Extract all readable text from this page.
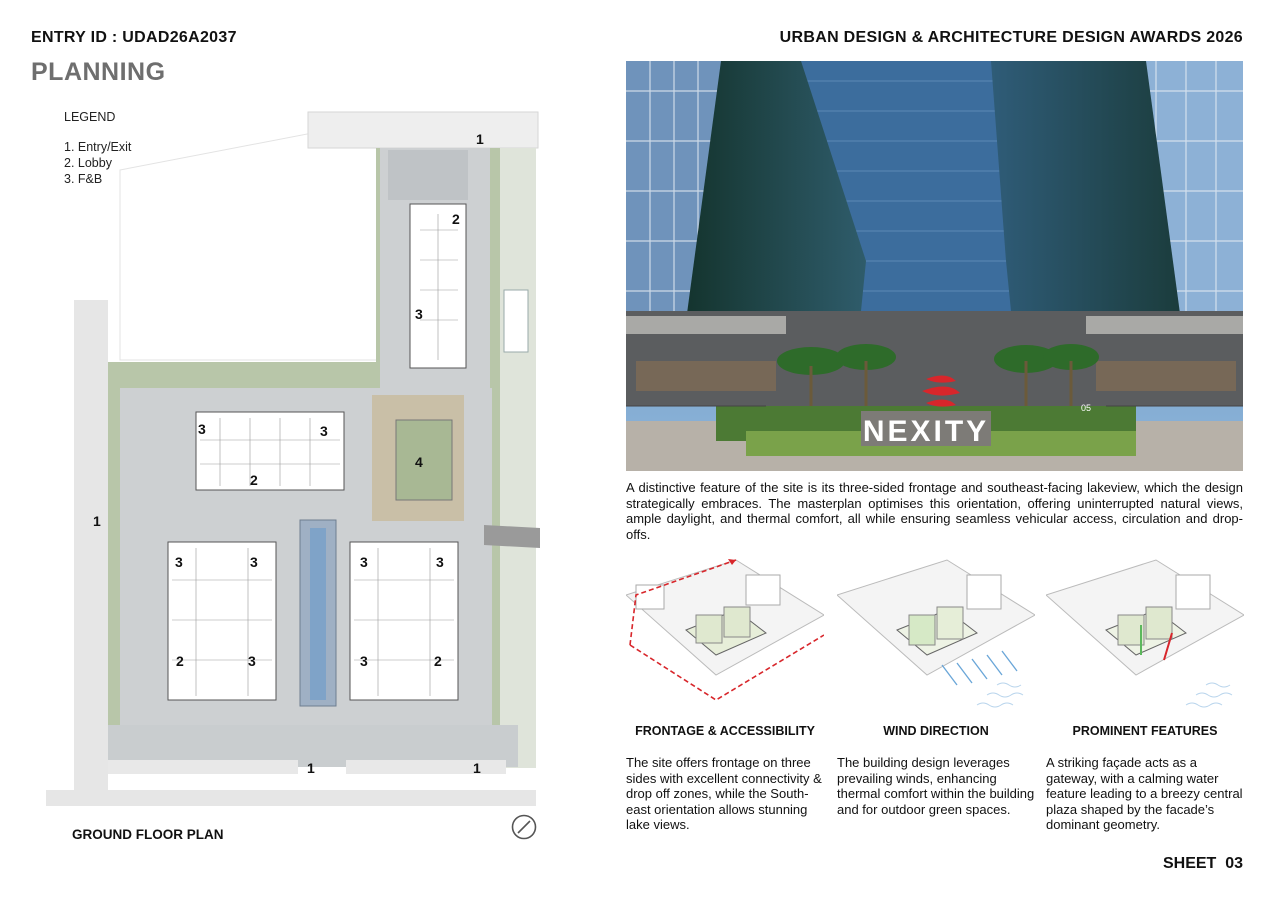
ENTRY ID : UDAD26A2037	URBAN DESIGN & ARCHITECTURE DESIGN AWARDS 2026
PLANNING
LEGEND
1. Entry/Exit
2. Lobby
3. F&B
1
1
1	1
2
2
2	2
3
3	3
3	3
3
3	3
3
4
GROUND FLOOR PLAN
NEXITY
05
A distinctive feature of the site is its three-sided frontage and southeast-facing lakeview, which the design strategically embraces. The masterplan optimises this orientation, offering uninterrupted natural views, ample daylight, and thermal comfort, all while ensuring seamless vehicular access, circulation and drop-offs.
FRONTAGE & ACCESSIBILITY
The site offers frontage on three sides with excellent connectivity & drop off zones, while the South-east orientation allows stunning lake views.
WIND DIRECTION
The building design leverages prevailing winds, enhancing thermal comfort within the building and for outdoor green spaces.
PROMINENT FEATURES
A striking façade acts as a gateway, with a calming water feature leading to a breezy central plaza shaped by the facade’s dominant geometry.
SHEET  03
